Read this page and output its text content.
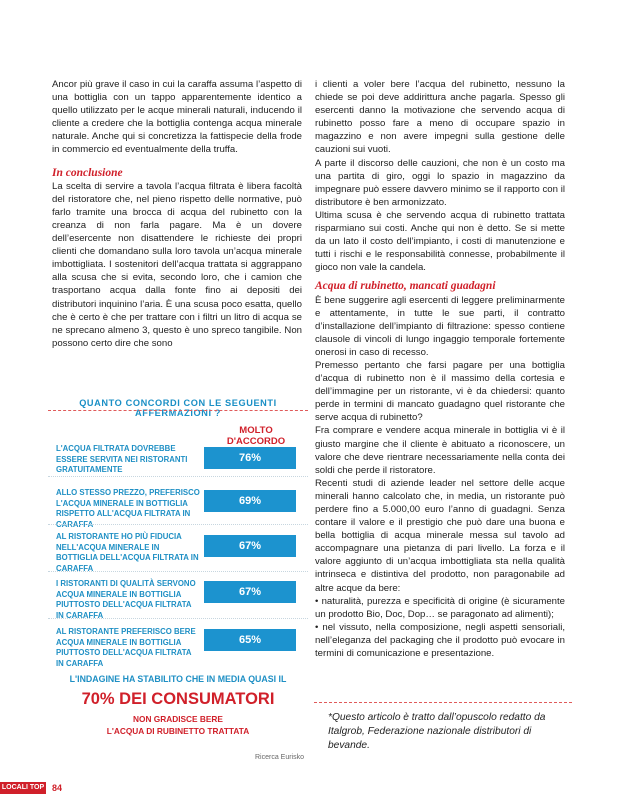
Ancor più grave il caso in cui la caraffa assuma l’aspetto di una bottiglia con un tappo apparentemente identico a quello utilizzato per le acque minerali naturali, inducendo il cliente a credere che la bottiglia contenga acqua minerale naturale. Anche qui si concretizza la fattispecie della frode in commercio ed eventualmente della truffa.

In conclusione

La scelta di servire a tavola l’acqua filtrata è libera facoltà del ristoratore che, nel pieno rispetto delle normative, può farlo tramite una brocca di acqua del rubinetto con la creanza di non farla pagare. Ma è un dovere dell’esercente non disattendere le richieste dei propri clienti che domandano sulla loro tavola un’acqua minerale imbottigliata. I sostenitori dell’acqua trattata si aggrappano alla scusa che si evita, secondo loro, che i camion che trasportano acqua dalla fonte fino ai depositi dei distributori inquinino l’aria. È una scusa poco esatta, quello che è certo è che per trattare con i filtri un litro di acqua se ne sprecano almeno 3, questo è uno spreco tangibile. Non possono certo dire che sono

i clienti a voler bere l’acqua del rubinetto, nessuno la chiede se poi deve addirittura anche pagarla. Spesso gli esercenti danno la motivazione che servendo acqua di rubinetto posso fare a meno di occupare spazio in magazzino e non avere impegni sulla gestione delle cauzioni sui vuoti.

A parte il discorso delle cauzioni, che non è un costo ma una partita di giro, oggi lo spazio in magazzino da impegnare può essere davvero minimo se il rapporto con il distributore è ben armonizzato.

Ultima scusa è che servendo acqua di rubinetto trattata risparmiano sui costi. Anche qui non è detto. Se si mette da un lato il costo dell’impianto, i costi di manutenzione e tutti i rischi e le responsabilità connesse, probabilmente il gioco non vale la candela.

Acqua di rubinetto, mancati guadagni

È bene suggerire agli esercenti di leggere preliminarmente e attentamente, in tutte le sue parti, il contratto d’installazione dell’impianto di filtrazione: spesso contiene clausole di vincoli di lungo ingaggio temporale fortemente onerosi in caso di recesso.

Premesso pertanto che farsi pagare per una bottiglia d’acqua di rubinetto non è il massimo della cortesia e dell’immagine per un ristorante, vi è da chiedersi: quanto perde in termini di mancato guadagno quel ristorante che serve acqua di rubinetto?

Fra comprare e vendere acqua minerale in bottiglia vi è il giusto margine che il cliente è abituato a riconoscere, un valore che deve rientrare necessariamente nella conta dei soldi che perde il ristoratore.

Recenti studi di aziende leader nel settore delle acque minerali hanno calcolato che, in media, un ristorante può perdere fino a 5.000,00 euro l’anno di guadagni. Senza contare il valore e il prestigio che può dare una buona e bella bottiglia di acqua minerale messa sul tavolo ad accompagnare una pietanza di pari livello. La forza e il valore aggiunto di un’acqua imbottigliata sta nella qualità intrinseca e distintiva del prodotto, non paragonabile ad altre acque da bere:

• naturalità, purezza e specificità di origine (è sicuramente un prodotto Bio, Doc, Dop… se paragonato ad alimenti);

• nel vissuto, nella composizione, negli aspetti sensoriali, nell’eleganza del packaging che il prodotto può evocare in termini di comunicazione e presentazione.

QUANTO CONCORDI CON LE SEGUENTI AFFERMAZIONI ?
MOLTO D'ACCORDO
L'ACQUA FILTRATA DOVREBBE ESSERE SERVITA NEI RISTORANTI GRATUITAMENTE
76%
ALLO STESSO PREZZO, PREFERISCO L'ACQUA MINERALE IN BOTTIGLIA RISPETTO ALL'ACQUA FILTRATA IN CARAFFA
69%
AL RISTORANTE HO PIÙ FIDUCIA NELL'ACQUA MINERALE IN BOTTIGLIA DELL'ACQUA FILTRATA IN CARAFFA
67%
I RISTORANTI DI QUALITÀ SERVONO ACQUA MINERALE IN BOTTIGLIA PIUTTOSTO DELL'ACQUA FILTRATA IN CARAFFA
67%
AL RISTORANTE PREFERISCO BERE ACQUA MINERALE IN BOTTIGLIA PIUTTOSTO DELL'ACQUA FILTRATA IN CARAFFA
65%
L'INDAGINE HA STABILITO CHE IN MEDIA QUASI IL
70% DEI CONSUMATORI
NON GRADISCE BERE
L'ACQUA DI RUBINETTO TRATTATA
Ricerca Eurisko
*Questo articolo è tratto dall’opuscolo redatto da Italgrob, Federazione nazionale distributori di bevande.
LOCALI TOP 84
